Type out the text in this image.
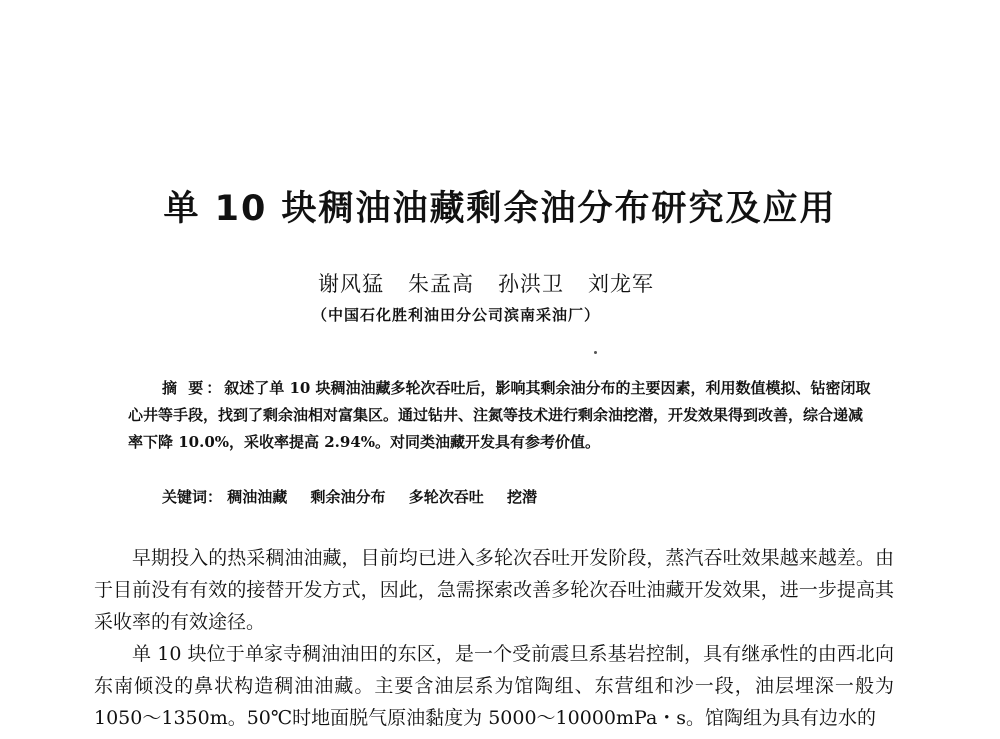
单 10 块稠油油藏剩余油分布研究及应用
谢风猛 朱孟高 孙洪卫 刘龙军
（中国石化胜利油田分公司滨南采油厂）
摘 要：叙述了单 10 块稠油油藏多轮次吞吐后，影响其剩余油分布的主要因素，利用数值模拟、钻密闭取心井等手段，找到了剩余油相对富集区。通过钻井、注氮等技术进行剩余油挖潜，开发效果得到改善，综合递减率下降 10.0%，采收率提高 2.94%。对同类油藏开发具有参考价值。
关键词： 稠油油藏 剩余油分布 多轮次吞吐 挖潜

早期投入的热采稠油油藏，目前均已进入多轮次吞吐开发阶段，蒸汽吞吐效果越来越差。由于目前没有有效的接替开发方式，因此，急需探索改善多轮次吞吐油藏开发效果，进一步提高其采收率的有效途径。

单 10 块位于单家寺稠油油田的东区，是一个受前震旦系基岩控制，具有继承性的由西北向东南倾没的鼻状构造稠油油藏。主要含油层系为馆陶组、东营组和沙一段，油层埋深一般为 1050～1350m。50℃时地面脱气原油黏度为 5000～10000mPa・s。馆陶组为具有边水的
